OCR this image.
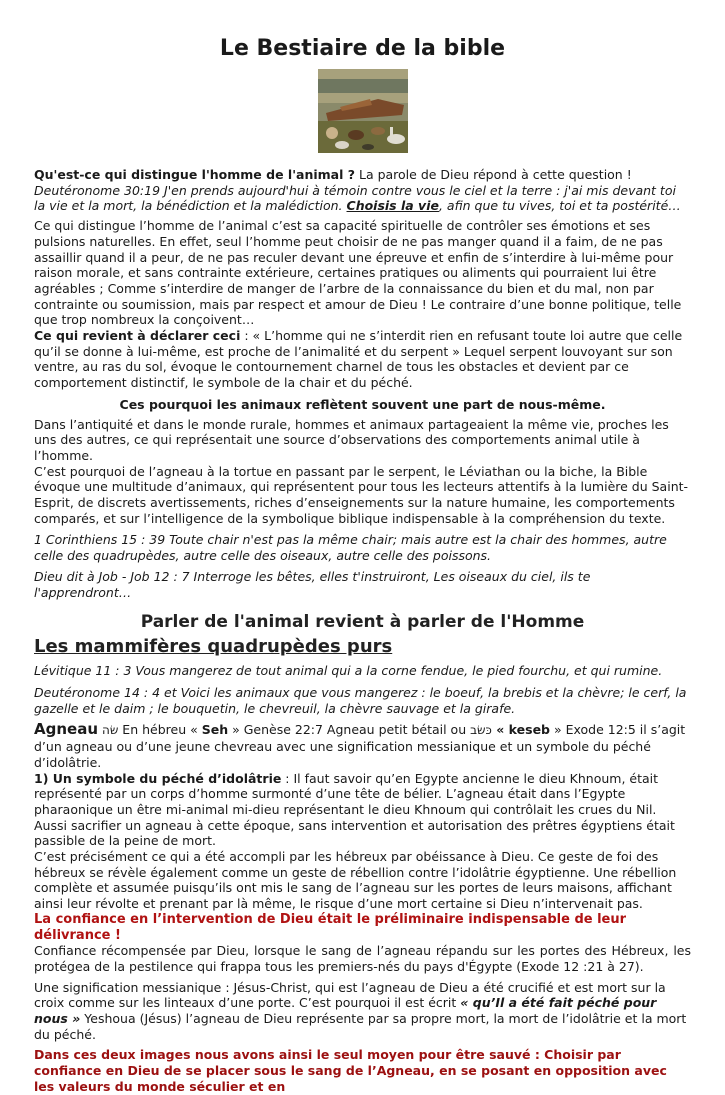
Le Bestiaire de la bible

Qu'est-ce qui distingue l'homme de l'animal ? La parole de Dieu répond à cette question !
Deutéronome 30:19 J'en prends aujourd'hui à témoin contre vous le ciel et la terre : j'ai mis devant toi la vie et la mort, la bénédiction et la malédiction. Choisis la vie, afin que tu vives, toi et ta postérité…

Ce qui distingue l’homme de l’animal c’est sa capacité spirituelle de contrôler ses émotions et ses pulsions naturelles. En effet, seul l’homme peut choisir de ne pas manger quand il a faim, de ne pas assaillir quand il a peur, de ne pas reculer devant une épreuve et enfin de s’interdire à lui-même pour raison morale, et sans contrainte extérieure, certaines pratiques ou aliments qui pourraient lui être agréables ; Comme s’interdire de manger de l’arbre de la connaissance du bien et du mal, non par contrainte ou soumission, mais par respect et amour de Dieu ! Le contraire d’une bonne politique, telle que trop nombreux la conçoivent…

Ce qui revient à déclarer ceci : « L’homme qui ne s’interdit rien en refusant toute loi autre que celle qu’il se donne à lui-même, est proche de l’animalité et du serpent » Lequel serpent louvoyant sur son ventre, au ras du sol, évoque le contournement charnel de tous les obstacles et devient par ce comportement distinctif, le symbole de la chair et du péché.

Ces pourquoi les animaux reflètent souvent une part de nous-même.

Dans l’antiquité et dans le monde rurale, hommes et animaux partageaient la même vie, proches les uns des autres, ce qui représentait une source d’observations des comportements animal utile à l’homme.

C’est pourquoi de l’agneau à la tortue en passant par le serpent, le Léviathan ou la biche, la Bible évoque une multitude d’animaux, qui représentent pour tous les lecteurs attentifs à la lumière du Saint-Esprit, de discrets avertissements, riches d’enseignements sur la nature humaine, les comportements comparés, et sur l’intelligence de la symbolique biblique indispensable à la compréhension du texte.

1 Corinthiens 15 : 39 Toute chair n'est pas la même chair; mais autre est la chair des hommes, autre celle des quadrupèdes, autre celle des oiseaux, autre celle des poissons.

Dieu dit à Job - Job 12 : 7 Interroge les bêtes, elles t'instruiront, Les oiseaux du ciel, ils te l'apprendront…

Parler de l'animal revient à parler de l'Homme
Les mammifères quadrupèdes purs

Lévitique 11 : 3 Vous mangerez de tout animal qui a la corne fendue, le pied fourchu, et qui rumine.

Deutéronome 14 : 4 et Voici les animaux que vous mangerez : le boeuf, la brebis et la chèvre; le cerf, la gazelle et le daim ; le bouquetin, le chevreuil, la chèvre sauvage et la girafe.

Agneau שׂה En hébreu « Seh » Genèse 22:7 Agneau petit bétail ou כּשׂב « keseb » Exode 12:5 il s’agit d’un agneau ou d’une jeune chevreau avec une signification messianique et un symbole du péché d’idolâtrie.

1) Un symbole du péché d’idolâtrie : Il faut savoir qu’en Egypte ancienne le dieu Khnoum, était représenté par un corps d’homme surmonté d’une tête de bélier. L’agneau était dans l’Egypte pharaonique un être mi-animal mi-dieu représentant le dieu Khnoum qui contrôlait les crues du Nil. Aussi sacrifier un agneau à cette époque, sans intervention et autorisation des prêtres égyptiens était passible de la peine de mort.

C’est précisément ce qui a été accompli par les hébreux par obéissance à Dieu. Ce geste de foi des hébreux se révèle également comme un geste de rébellion contre l’idolâtrie égyptienne. Une rébellion complète et assumée puisqu’ils ont mis le sang de l’agneau sur les portes de leurs maisons, affichant ainsi leur révolte et prenant par là même, le risque d’une mort certaine si Dieu n’intervenait pas.

La confiance en l’intervention de Dieu était le préliminaire indispensable de leur délivrance !

Confiance récompensée par Dieu, lorsque le sang de l’agneau répandu sur les portes des Hébreux, les protégea de la pestilence qui frappa tous les premiers-nés du pays d'Égypte (Exode 12 :21 à 27).

Une signification messianique : Jésus-Christ, qui est l’agneau de Dieu a été crucifié et est mort sur la croix comme sur les linteaux d’une porte. C’est pourquoi il est écrit « qu’Il a été fait péché pour nous » Yeshoua (Jésus) l’agneau de Dieu représente par sa propre mort, la mort de l’idolâtrie et la mort du péché.

Dans ces deux images nous avons ainsi le seul moyen pour être sauvé : Choisir par confiance en Dieu de se placer sous le sang de l’Agneau, en se posant en opposition avec les valeurs du monde séculier et en
